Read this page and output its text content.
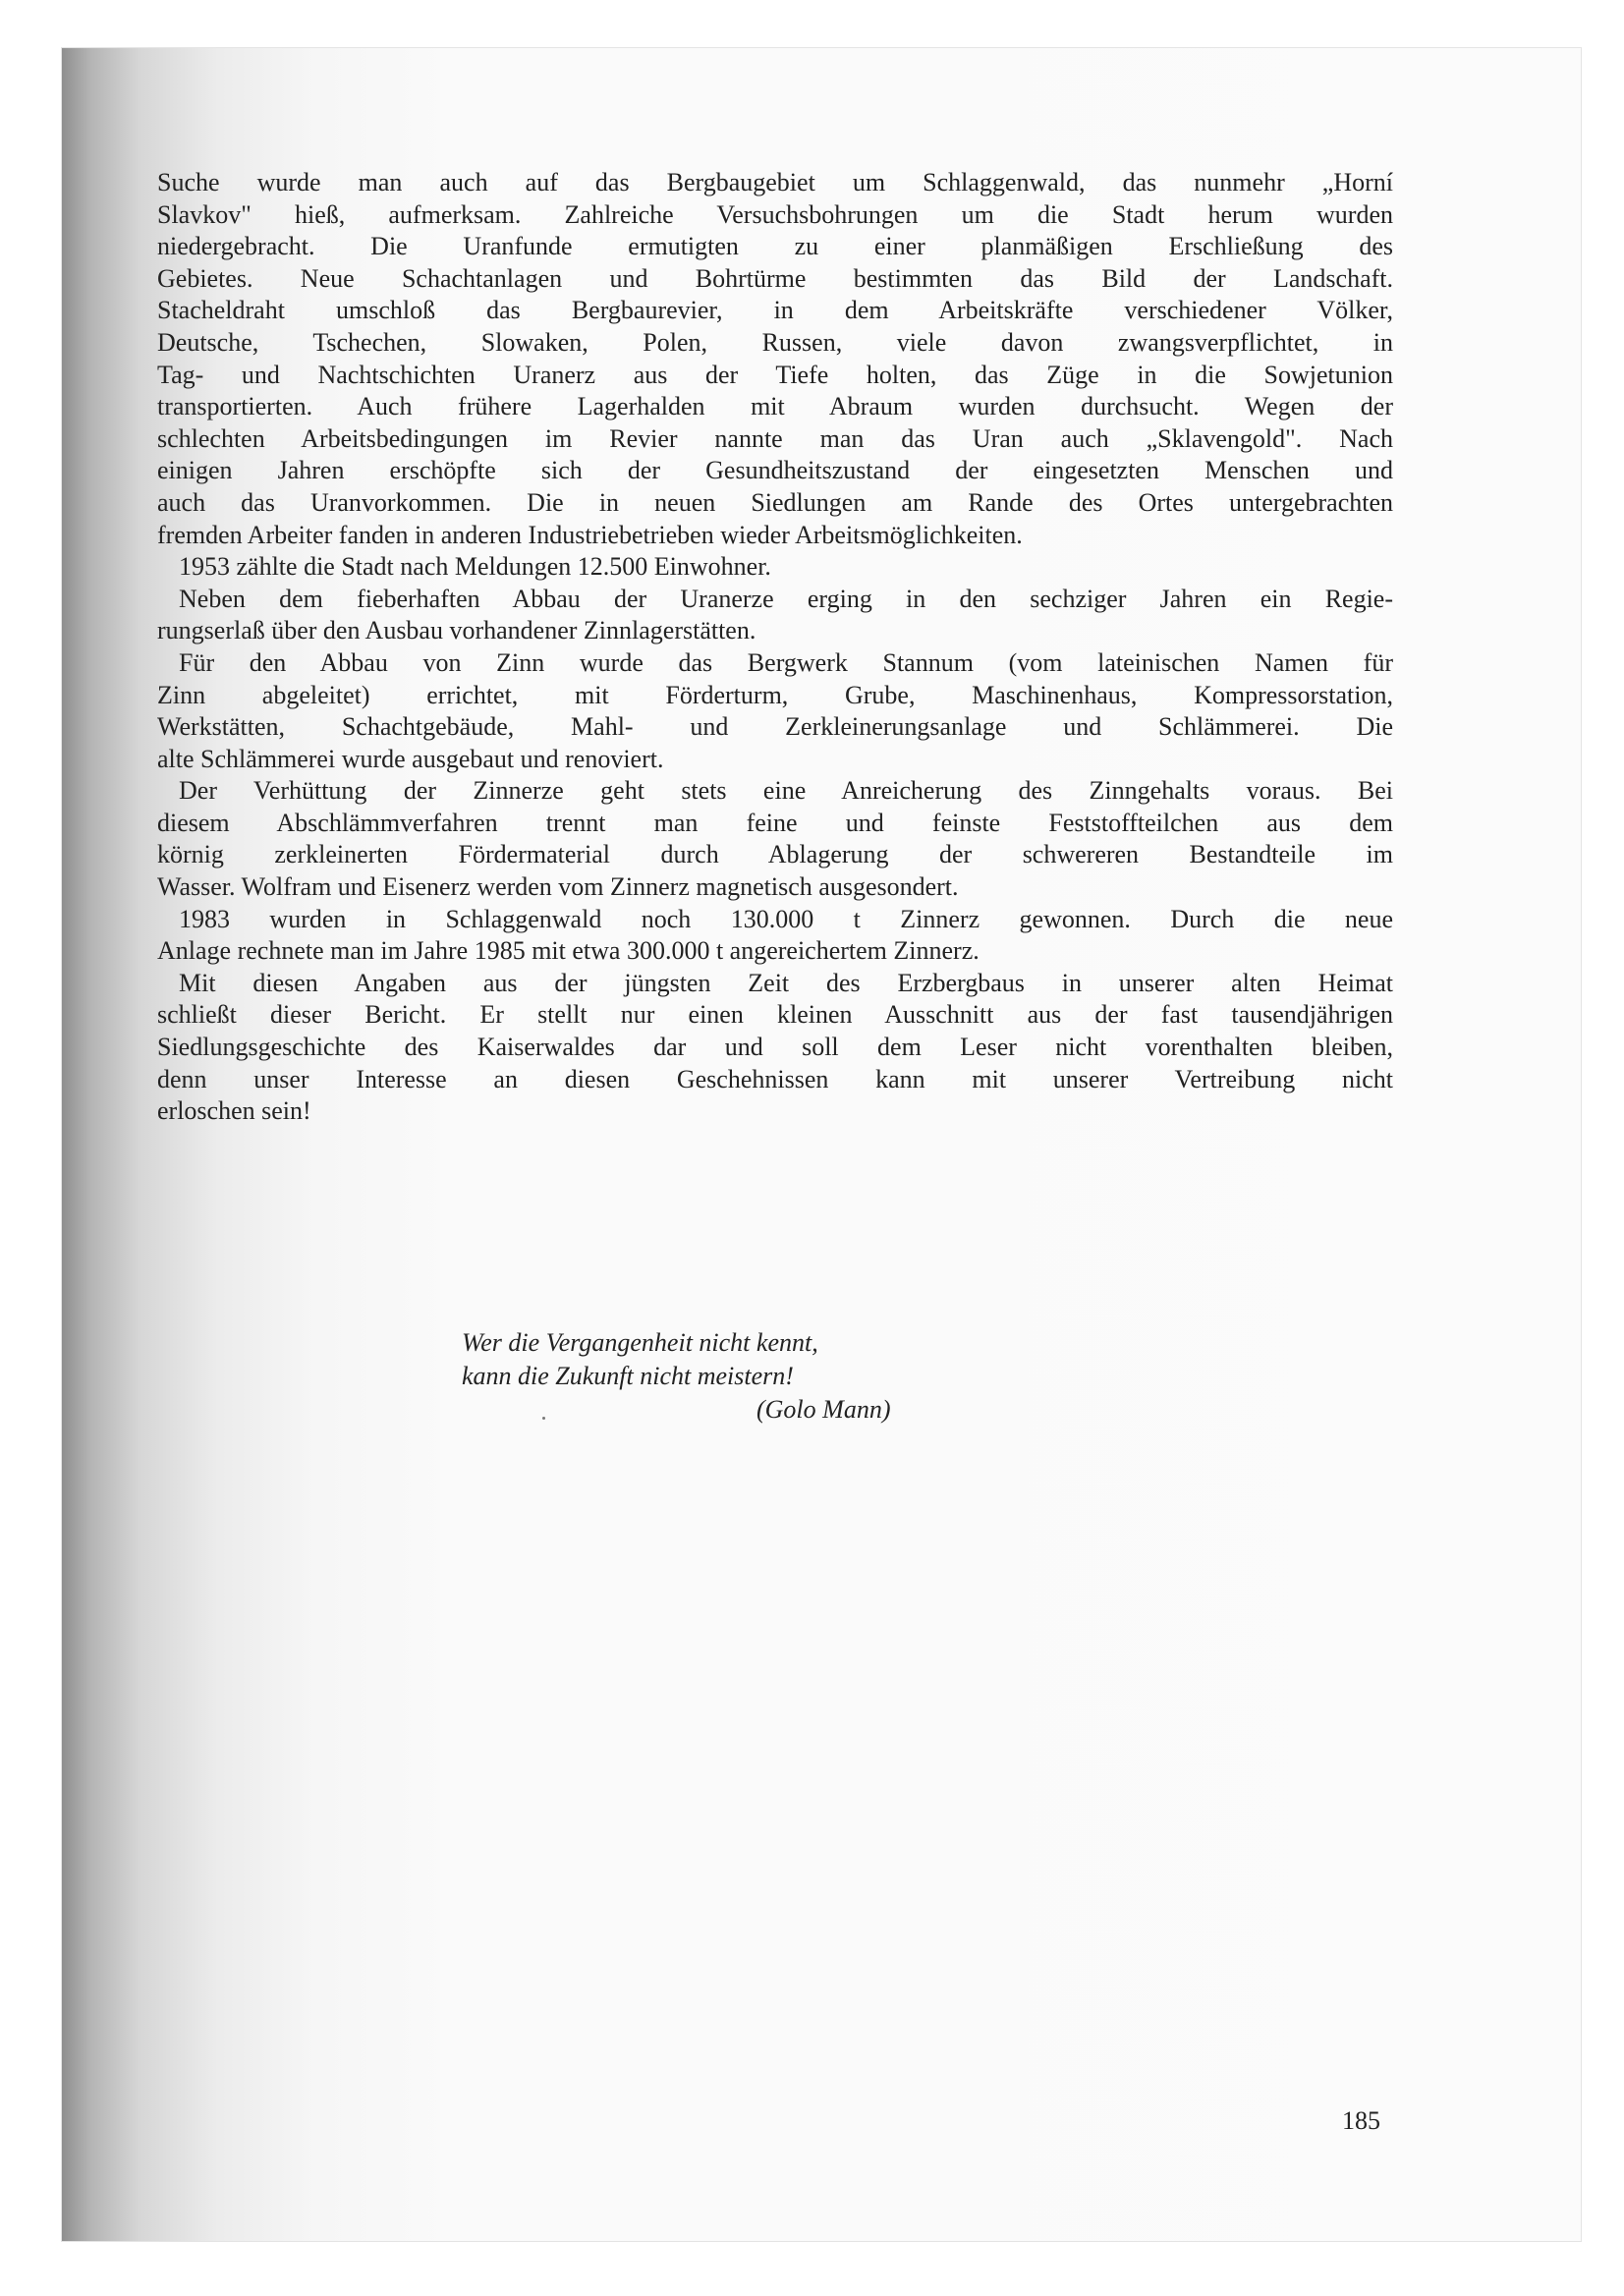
Suche wurde man auch auf das Bergbaugebiet um Schlaggenwald, das nunmehr „Horní
Slavkov" hieß, aufmerksam. Zahlreiche Versuchsbohrungen um die Stadt herum wurden
niedergebracht. Die Uranfunde ermutigten zu einer planmäßigen Erschließung des
Gebietes. Neue Schachtanlagen und Bohrtürme bestimmten das Bild der Landschaft.
Stacheldraht umschloß das Bergbaurevier, in dem Arbeitskräfte verschiedener Völker,
Deutsche, Tschechen, Slowaken, Polen, Russen, viele davon zwangsverpflichtet, in
Tag- und Nachtschichten Uranerz aus der Tiefe holten, das Züge in die Sowjetunion
transportierten. Auch frühere Lagerhalden mit Abraum wurden durchsucht. Wegen der
schlechten Arbeitsbedingungen im Revier nannte man das Uran auch „Sklavengold". Nach
einigen Jahren erschöpfte sich der Gesundheitszustand der eingesetzten Menschen und
auch das Uranvorkommen. Die in neuen Siedlungen am Rande des Ortes untergebrachten
fremden Arbeiter fanden in anderen Industriebetrieben wieder Arbeitsmöglichkeiten.
1953 zählte die Stadt nach Meldungen 12.500 Einwohner.
Neben dem fieberhaften Abbau der Uranerze erging in den sechziger Jahren ein Regie-
rungserlaß über den Ausbau vorhandener Zinnlagerstätten.
Für den Abbau von Zinn wurde das Bergwerk Stannum (vom lateinischen Namen für
Zinn abgeleitet) errichtet, mit Förderturm, Grube, Maschinenhaus, Kompressorstation,
Werkstätten, Schachtgebäude, Mahl- und Zerkleinerungsanlage und Schlämmerei. Die
alte Schlämmerei wurde ausgebaut und renoviert.
Der Verhüttung der Zinnerze geht stets eine Anreicherung des Zinngehalts voraus. Bei
diesem Abschlämmverfahren trennt man feine und feinste Feststoffteilchen aus dem
körnig zerkleinerten Fördermaterial durch Ablagerung der schwereren Bestandteile im
Wasser. Wolfram und Eisenerz werden vom Zinnerz magnetisch ausgesondert.
1983 wurden in Schlaggenwald noch 130.000 t Zinnerz gewonnen. Durch die neue
Anlage rechnete man im Jahre 1985 mit etwa 300.000 t angereichertem Zinnerz.
Mit diesen Angaben aus der jüngsten Zeit des Erzbergbaus in unserer alten Heimat
schließt dieser Bericht. Er stellt nur einen kleinen Ausschnitt aus der fast tausendjährigen
Siedlungsgeschichte des Kaiserwaldes dar und soll dem Leser nicht vorenthalten bleiben,
denn unser Interesse an diesen Geschehnissen kann mit unserer Vertreibung nicht
erloschen sein!
Wer die Vergangenheit nicht kennt,
kann die Zukunft nicht meistern!
(Golo Mann)
185
